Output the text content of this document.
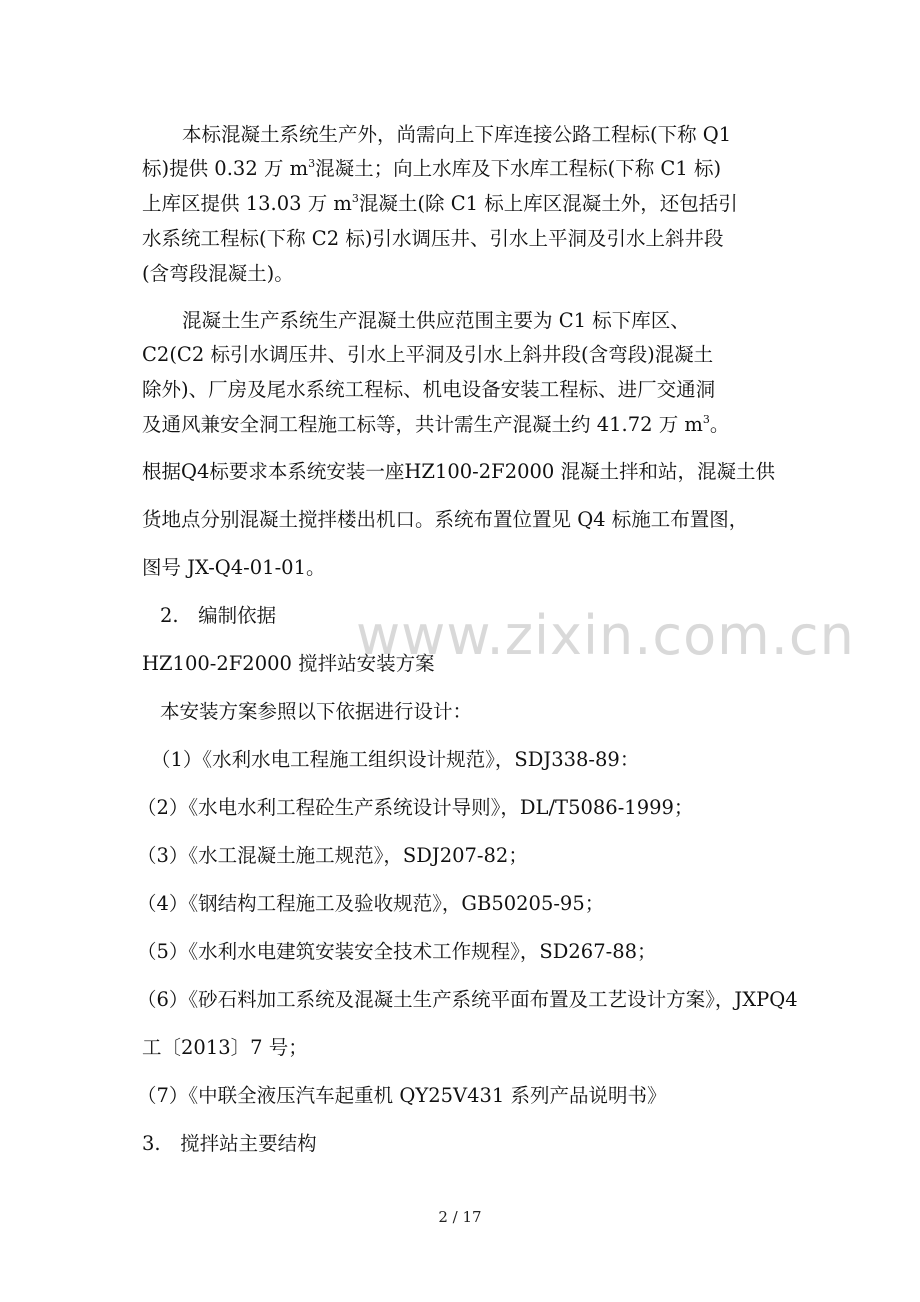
www.zixin.com.cn
本标混凝土系统生产外，尚需向上下库连接公路工程标(下称 Q1
标)提供 0.32 万 $m^3$混凝土；向上水库及下水库工程标(下称 C1 标)
上库区提供 13.03 万 $m^3$混凝土(除 C1 标上库区混凝土外，还包括引
水系统工程标(下称 C2 标)引水调压井、引水上平洞及引水上斜井段
(含弯段混凝土)。
混凝土生产系统生产混凝土供应范围主要为 C1 标下库区、
C2(C2 标引水调压井、引水上平洞及引水上斜井段(含弯段)混凝土
除外)、厂房及尾水系统工程标、机电设备安装工程标、进厂交通洞
及通风兼安全洞工程施工标等，共计需生产混凝土约 41.72 万 $m^3$。
根据Q4标要求本系统安装一座HZ100-2F2000 混凝土拌和站，混凝土供
货地点分别混凝土搅拌楼出机口。系统布置位置见 Q4 标施工布置图，
图号 JX-Q4-01-01。
2.　编制依据
HZ100-2F2000 搅拌站安装方案
本安装方案参照以下依据进行设计：
（1）《水利水电工程施工组织设计规范》，SDJ338-89：
（2）《水电水利工程砼生产系统设计导则》，DL/T5086-1999；
（3）《水工混凝土施工规范》，SDJ207-82；
（4）《钢结构工程施工及验收规范》，GB50205-95；
（5）《水利水电建筑安装安全技术工作规程》，SD267-88；
（6）《砂石料加工系统及混凝土生产系统平面布置及工艺设计方案》，JXPQ4
工〔2013〕7 号；
（7）《中联全液压汽车起重机 QY25V431 系列产品说明书》
3.　搅拌站主要结构
2 / 17
